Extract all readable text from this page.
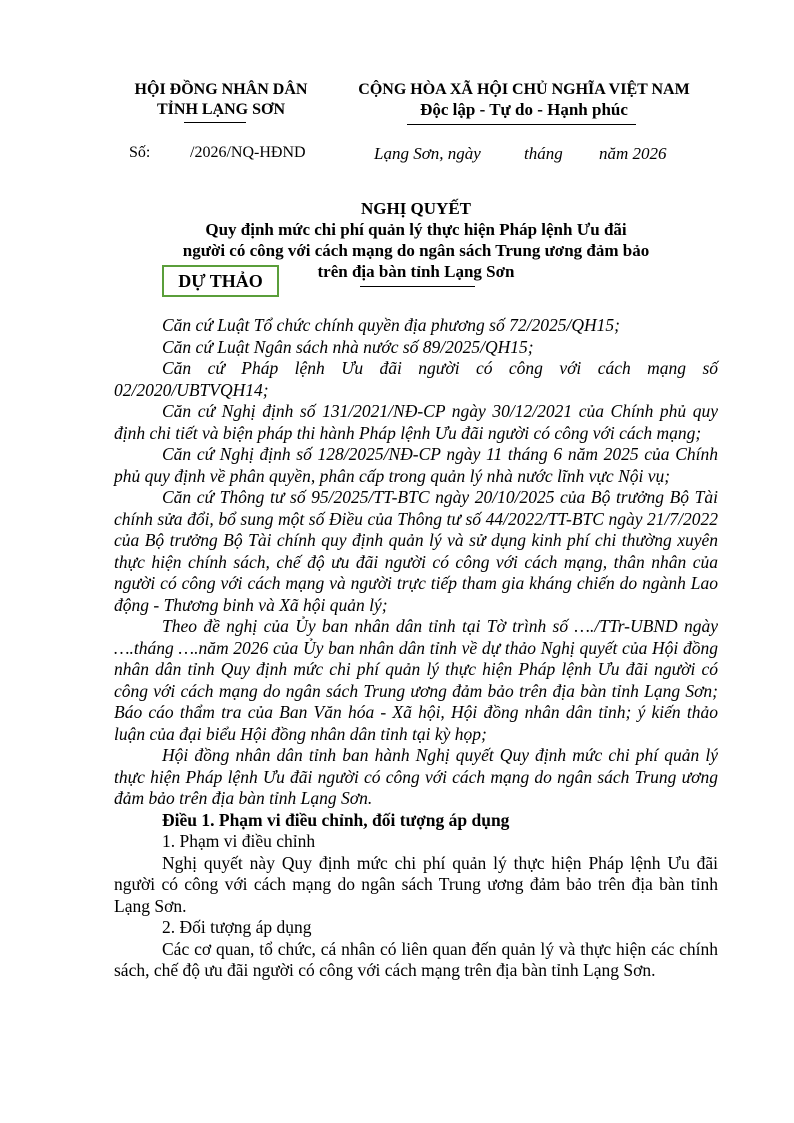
HỘI ĐỒNG NHÂN DÂN
TỈNH LẠNG SƠN
CỘNG HÒA XÃ HỘI CHỦ NGHĨA VIỆT NAM
Độc lập - Tự do - Hạnh phúc
Số: /2026/NQ-HĐND	Lạng Sơn, ngày	tháng năm 2026
NGHỊ QUYẾT
Quy định mức chi phí quản lý thực hiện Pháp lệnh Ưu đãi
người có công với cách mạng do ngân sách Trung ương đảm bảo
trên địa bàn tỉnh Lạng Sơn
DỰ THẢO

Căn cứ Luật Tổ chức chính quyền địa phương số 72/2025/QH15;

Căn cứ Luật Ngân sách nhà nước số 89/2025/QH15;

Căn cứ Pháp lệnh Ưu đãi người có công với cách mạng số 02/2020/UBTVQH14;

Căn cứ Nghị định số 131/2021/NĐ-CP ngày 30/12/2021 của Chính phủ quy định chi tiết và biện pháp thi hành Pháp lệnh Ưu đãi người có công với cách mạng;

Căn cứ Nghị định số 128/2025/NĐ-CP ngày 11 tháng 6 năm 2025 của Chính phủ quy định về phân quyền, phân cấp trong quản lý nhà nước lĩnh vực Nội vụ;

Căn cứ Thông tư số 95/2025/TT-BTC ngày 20/10/2025 của Bộ trưởng Bộ Tài chính sửa đổi, bổ sung một số Điều của Thông tư số 44/2022/TT-BTC ngày 21/7/2022 của Bộ trưởng Bộ Tài chính quy định quản lý và sử dụng kinh phí chi thường xuyên thực hiện chính sách, chế độ ưu đãi người có công với cách mạng, thân nhân của người có công với cách mạng và người trực tiếp tham gia kháng chiến do ngành Lao động - Thương binh và Xã hội quản lý;

Theo đề nghị của Ủy ban nhân dân tỉnh tại Tờ trình số …./TTr-UBND ngày ….tháng ….năm 2026 của Ủy ban nhân dân tỉnh về dự thảo Nghị quyết của Hội đồng nhân dân tỉnh Quy định mức chi phí quản lý thực hiện Pháp lệnh Ưu đãi người có công với cách mạng do ngân sách Trung ương đảm bảo trên địa bàn tỉnh Lạng Sơn; Báo cáo thẩm tra của Ban Văn hóa - Xã hội, Hội đồng nhân dân tỉnh; ý kiến thảo luận của đại biểu Hội đồng nhân dân tỉnh tại kỳ họp;

Hội đồng nhân dân tỉnh ban hành Nghị quyết Quy định mức chi phí quản lý thực hiện Pháp lệnh Ưu đãi người có công với cách mạng do ngân sách Trung ương đảm bảo trên địa bàn tỉnh Lạng Sơn.

Điều 1. Phạm vi điều chỉnh, đối tượng áp dụng

1. Phạm vi điều chỉnh

Nghị quyết này Quy định mức chi phí quản lý thực hiện Pháp lệnh Ưu đãi người có công với cách mạng do ngân sách Trung ương đảm bảo trên địa bàn tỉnh Lạng Sơn.

2. Đối tượng áp dụng

Các cơ quan, tổ chức, cá nhân có liên quan đến quản lý và thực hiện các chính sách, chế độ ưu đãi người có công với cách mạng trên địa bàn tỉnh Lạng Sơn.
